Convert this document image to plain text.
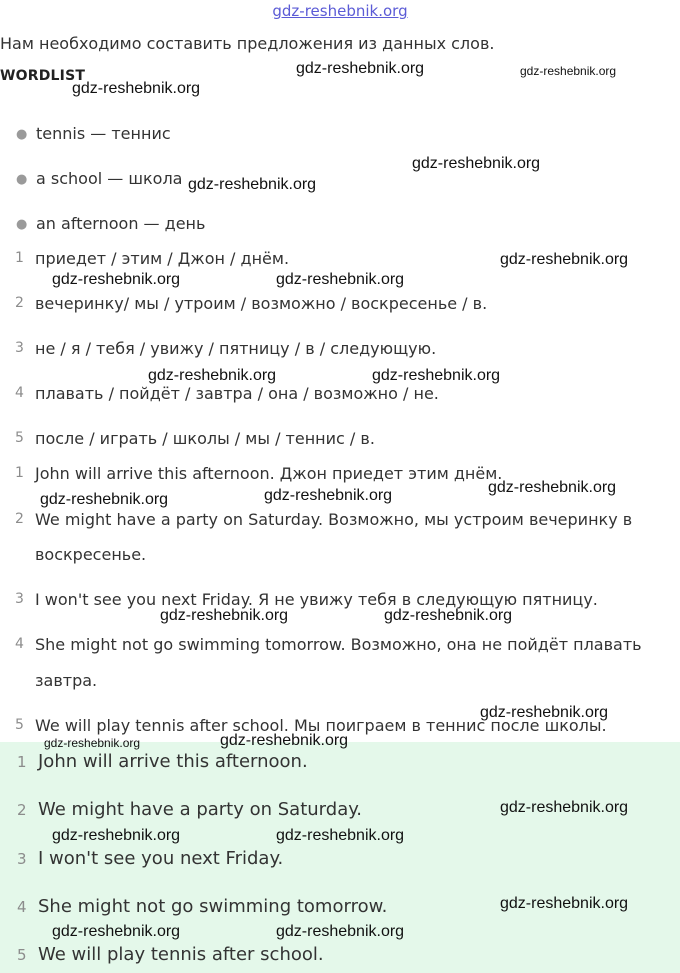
gdz-reshebnik.org
Нам необходимо составить предложения из данных слов.
WORDLIST
● tennis — теннис
● a school — школа
● an afternoon — день
1 приедет / этим / Джон / днём.
2 вечеринку/ мы / утроим / возможно / воскресенье / в.
3 не / я / тебя / увижу / пятницу / в / следующую.
4 плавать / пойдёт / завтра / она / возможно / не.
5 после / играть / школы / мы / теннис / в.
1 John will arrive this afternoon. Джон приедет этим днём.
2 We might have a party on Saturday. Возможно, мы устроим вечеринку в
воскресенье.
3 I won't see you next Friday. Я не увижу тебя в следующую пятницу.
4 She might not go swimming tomorrow. Возможно, она не пойдёт плавать
завтра.
5 We will play tennis after school. Мы поиграем в теннис после школы.
1 John will arrive this afternoon.
2 We might have a party on Saturday.
3 I won't see you next Friday.
4 She might not go swimming tomorrow.
5 We will play tennis after school.
gdz-reshebnik.org	gdz-reshebnik.org
gdz-reshebnik.org
gdz-reshebnik.org
gdz-reshebnik.org
gdz-reshebnik.org
gdz-reshebnik.org	gdz-reshebnik.org
gdz-reshebnik.org	gdz-reshebnik.org
gdz-reshebnik.org
gdz-reshebnik.org
gdz-reshebnik.org
gdz-reshebnik.org	gdz-reshebnik.org
gdz-reshebnik.org
gdz-reshebnik.org	gdz-reshebnik.org
gdz-reshebnik.org
gdz-reshebnik.org	gdz-reshebnik.org
gdz-reshebnik.org
gdz-reshebnik.org	gdz-reshebnik.org
